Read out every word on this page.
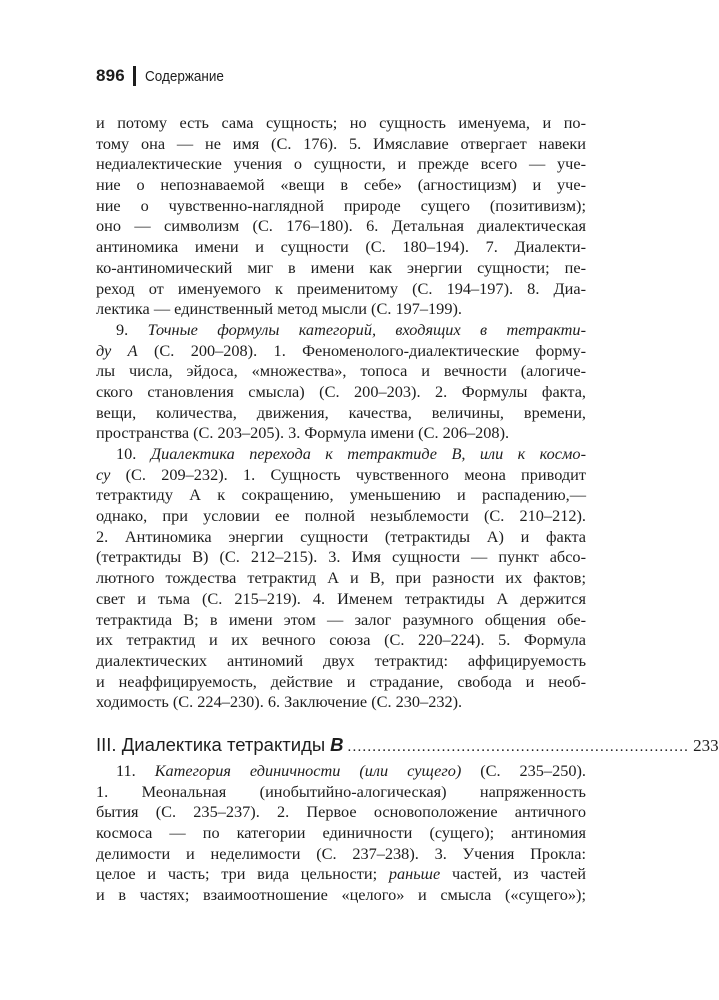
896 Содержание
и потому есть сама сущность; но сущность именуема, и по-
тому она — не имя (С. 176). 5. Имяславие отвергает навеки
недиалектические учения о сущности, и прежде всего — уче-
ние о непознаваемой «вещи в себе» (агностицизм) и уче-
ние о чувственно-наглядной природе сущего (позитивизм);
оно — символизм (С. 176–180). 6. Детальная диалектическая
антиномика имени и сущности (С. 180–194). 7. Диалекти-
ко-антиномический миг в имени как энергии сущности; пе-
реход от именуемого к преименитому (С. 194–197). 8. Диа-
лектика — единственный метод мысли (С. 197–199).
9. Точные формулы категорий, входящих в тетракти-
ду А (С. 200–208). 1. Феноменолого-диалектические форму-
лы числа, эйдоса, «множества», топоса и вечности (алогиче-
ского становления смысла) (С. 200–203). 2. Формулы факта,
вещи, количества, движения, качества, величины, времени,
пространства (С. 203–205). 3. Формула имени (С. 206–208).
10. Диалектика перехода к тетрактиде В, или к космо-
су (С. 209–232). 1. Сущность чувственного меона приводит
тетрактиду А к сокращению, уменьшению и распадению,—
однако, при условии ее полной незыблемости (С. 210–212).
2. Антиномика энергии сущности (тетрактиды А) и факта
(тетрактиды В) (С. 212–215). 3. Имя сущности — пункт абсо-
лютного тождества тетрактид А и В, при разности их фактов;
свет и тьма (С. 215–219). 4. Именем тетрактиды А держится
тетрактида В; в имени этом — залог разумного общения обе-
их тетрактид и их вечного союза (С. 220–224). 5. Формула
диалектических антиномий двух тетрактид: аффицируемость
и неаффицируемость, действие и страдание, свобода и необ-
ходимость (С. 224–230). 6. Заключение (С. 230–232).
III. Диалектика тетрактиды В ..................................................................... 233
11. Категория единичности (или сущего) (С. 235–250).
1. Меональная (инобытийно-алогическая) напряженность
бытия (С. 235–237). 2. Первое основоположение античного
космоса — по категории единичности (сущего); антиномия
делимости и неделимости (С. 237–238). 3. Учения Прокла:
целое и часть; три вида цельности; раньше частей, из частей
и в частях; взаимоотношение «целого» и смысла («сущего»);
